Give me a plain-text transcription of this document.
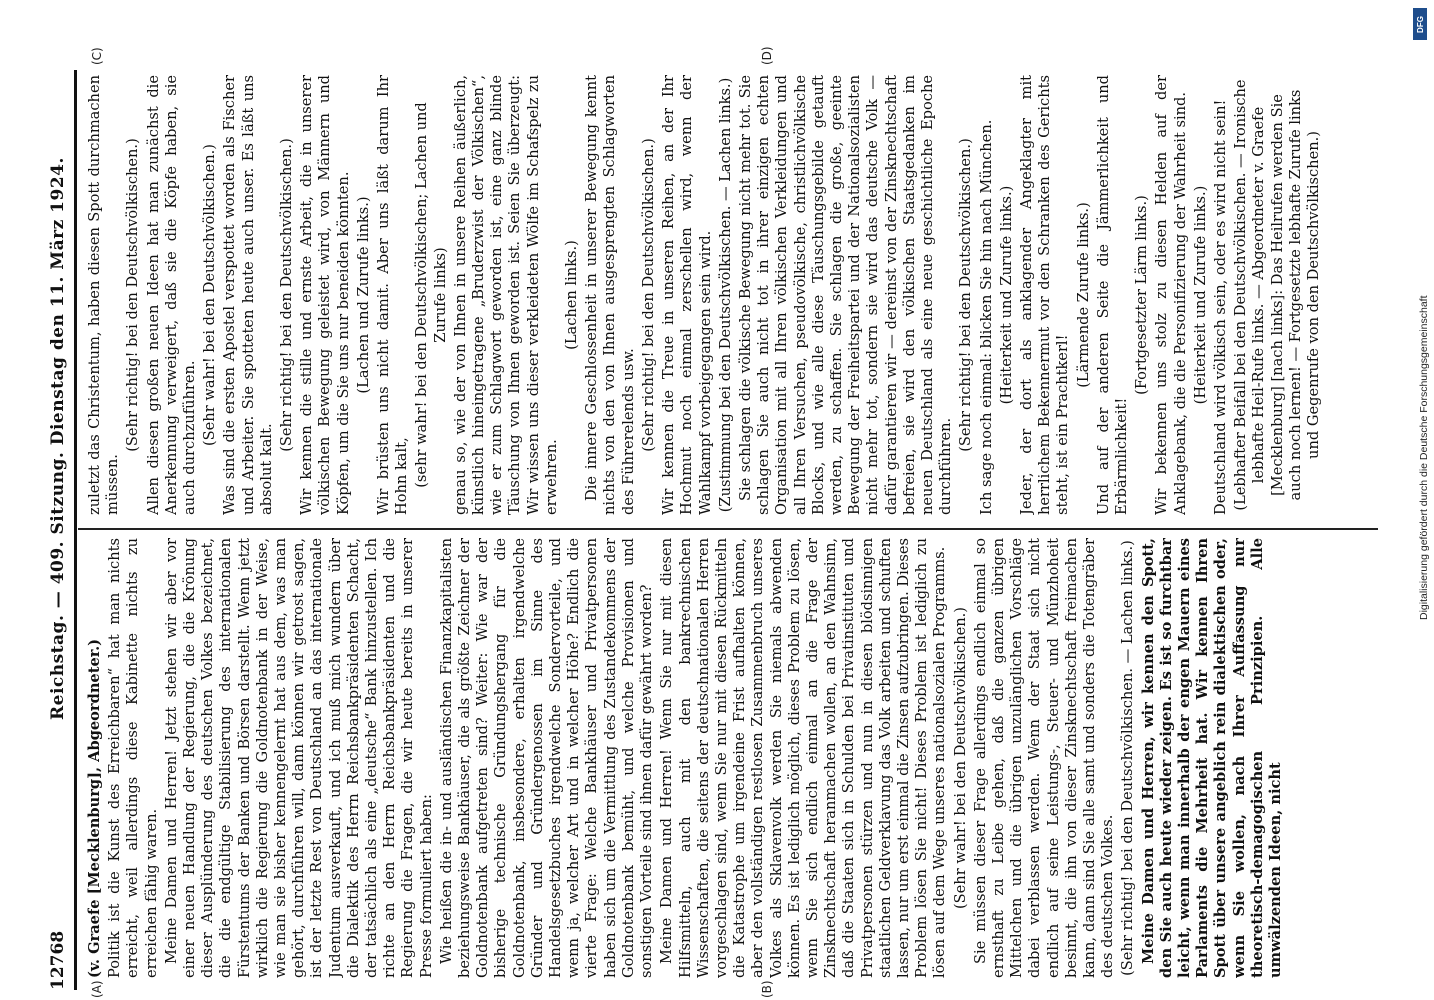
12768
Reichstag. — 409. Sitzung. Dienstag den 11. März 1924.

(v. Graefe [Mecklenburg], Abgeordneter.) Politik ist die Kunst des Erreichbaren“ hat man nichts erreicht, weil allerdings diese Kabinette nichts zu erreichen fähig waren. Meine Damen und Herren! Jetzt stehen wir aber vor einer neuen Handlung der Regierung, die die Krönung dieser Ausplünderung des deutschen Volkes bezeichnet, die die endgültige Stabilisierung des internationalen Fürstentums der Banken und Börsen darstellt. Wenn jetzt wirklich die Regierung die Goldnotenbank in der Weise, wie man sie bisher kennengelernt hat aus dem, was man gehört, durchführen will, dann können wir getrost sagen, ist der letzte Rest von Deutschland an das internationale Judentum ausverkauft, und ich muß mich wundern über die Dialektik des Herrn Reichsbankpräsidenten Schacht, der tatsächlich als eine „deutsche“ Bank hinzustellen. Ich richte an den Herrn Reichsbankpräsidenten und die Regierung die Fragen, die wir heute bereits in unserer Presse formuliert haben: Wie heißen die in- und ausländischen Finanzkapitalisten beziehungsweise Bankhäuser, die als größte Zeichner der Goldnotenbank aufgetreten sind? Weiter: Wie war der bisherige technische Gründungshergang für die Goldnotenbank, insbesondere, erhalten irgendwelche Gründer und Gründergenossen im Sinne des Handelsgesetzbuches irgendwelche Sondervorteile, und wenn ja, welcher Art und in welcher Höhe? Endlich die vierte Frage: Welche Bankhäuser und Privatpersonen haben sich um die Vermittlung des Zustandekommens der Goldnotenbank bemüht, und welche Provisionen und sonstigen Vorteile sind ihnen dafür gewährt worden? Meine Damen und Herren! Wenn Sie nur mit diesen Hilfsmitteln, auch mit den bankrechnischen Wissenschaften, die seitens der deutschnationalen Herren vorgeschlagen sind, wenn Sie nur mit diesen Rückmitteln die Katastrophe um irgendeine Frist aufhalten können, aber den vollständigen restlosen Zusammenbruch unseres Volkes als Sklavenvolk werden Sie niemals abwenden können. Es ist lediglich möglich, dieses Problem zu lösen, wenn Sie sich endlich einmal an die Frage der Zinsknechtschaft heranmachen wollen, an den Wahnsinn, daß die Staaten sich in Schulden bei Privatinstituten und Privatpersonen stürzen und nun in diesen blödsinnigen staatlichen Geldverklavung das Volk arbeiten und schuften lassen, nur um erst einmal die Zinsen aufzubringen. Dieses Problem lösen Sie nicht! Dieses Problem ist lediglich zu lösen auf dem Wege unseres nationalsozialen Programms. (Sehr wahr! bei den Deutschvölkischen.) Sie müssen dieser Frage allerdings endlich einmal so ernsthaft zu Leibe gehen, daß die ganzen übrigen Mittelchen und die übrigen unzulänglichen Vorschläge dabei verblassen werden. Wenn der Staat sich nicht endlich auf seine Leistungs-, Steuer- und Münzhoheit besinnt, die ihn von dieser Zinsknechtschaft freimachen kann, dann sind Sie alle samt und sonders die Totengräber des deutschen Volkes. (Sehr richtig! bei den Deutschvölkischen. — Lachen links.) Meine Damen und Herren, wir kennen den Spott, den Sie auch heute wieder zeigen. Es ist so furchtbar leicht, wenn man innerhalb der engen Mauern eines Parlaments die Mehrheit hat. Wir kennen Ihren Spott über unsere angeblich rein dialektischen oder, wenn Sie wollen, nach Ihrer Auffassung nur theoretisch-demagogischen Prinzipien. Alle umwälzenden Ideen, nicht

zuletzt das Christentum, haben diesen Spott durchmachen müssen.

(Sehr richtig! bei den Deutschvölkischen.) Allen diesen großen neuen Ideen hat man zunächst die Anerkennung verweigert, daß sie die Köpfe haben, sie auch durchzuführen. (Sehr wahr! bei den Deutschvölkischen.) Was sind die ersten Apostel verspottet worden als Fischer und Arbeiter. Sie spotteten heute auch unser. Es läßt uns absolut kalt.

(Sehr richtig! bei den Deutschvölkischen.) Wir kennen die stille und ernste Arbeit, die in unserer völkischen Bewegung geleistet wird, von Männern und Köpfen, um die Sie uns nur beneiden könnten. (Lachen und Zurufe links.) Wir brüsten uns nicht damit. Aber uns läßt darum Ihr Hohn kalt, (sehr wahr! bei den Deutschvölkischen; Lachen und Zurufe links) genau so, wie der von Ihnen in unsere Reihen äußerlich, künstlich hineingetragene „Bruderzwist der Völkischen“, wie er zum Schlagwort geworden ist, eine ganz blinde Täuschung von Ihnen geworden ist. Seien Sie überzeugt: Wir wissen uns dieser verkleideten Wölfe im Schafspelz zu erwehren.

(Lachen links.) Die innere Geschlossenheit in unserer Bewegung kennt nichts von den von Ihnen ausgesprengten Schlagworten des Führerelends usw. (Sehr richtig! bei den Deutschvölkischen.) Wir kennen die Treue in unseren Reihen, an der Ihr Hochmut noch einmal zerschellen wird, wenn der Wahlkampf vorbeigegangen sein wird. (Zustimmung bei den Deutschvölkischen. — Lachen links.) Sie schlagen die völkische Bewegung nicht mehr tot. Sie schlagen Sie auch nicht tot in ihrer einzigen echten Organisation mit all Ihren völkischen Verkleidungen und all Ihren Versuchen, pseudovölkische, christlichvölkische Blocks, und wie alle diese Täuschungsgebilde getauft werden, zu schaffen. Sie schlagen die große, geeinte Bewegung der Freiheitspartei und der Nationalsozialisten nicht mehr tot, sondern sie wird das deutsche Volk — dafür garantieren wir — dereinst von der Zinsknechtschaft befreien, sie wird den völkischen Staatsgedanken im neuen Deutschland als eine neue geschichtliche Epoche durchführen.

(Sehr richtig! bei den Deutschvölkischen.) Ich sage noch einmal: blicken Sie hin nach München. (Heiterkeit und Zurufe links.) Jeder, der dort als anklagender Angeklagter mit herrlichem Bekennermut vor den Schranken des Gerichts steht, ist ein Prachtkerl!

(Lärmende Zurufe links.) Und auf der anderen Seite die Jämmerlichkeit und Erbärmlichkeit!

(Fortgesetzter Lärm links.) Wir bekennen uns stolz zu diesen Helden auf der Anklagebank, die die Personifizierung der Wahrheit sind. (Heiterkeit und Zurufe links.) Deutschland wird völkisch sein, oder es wird nicht sein! (Lebhafter Beifall bei den Deutschvölkischen. — Ironische lebhafte Heil-Rufe links. — Abgeordneter v. Graefe [Mecklenburg] [nach links]: Das Heilrufen werden Sie auch noch lernen! — Fortgesetzte lebhafte Zurufe links und Gegenrufe von den Deutschvölkischen.)

(A)	(B)
(C)	(D)
Digitalisierung gefördert durch die Deutsche Forschungsgemeinschaft
DFG
